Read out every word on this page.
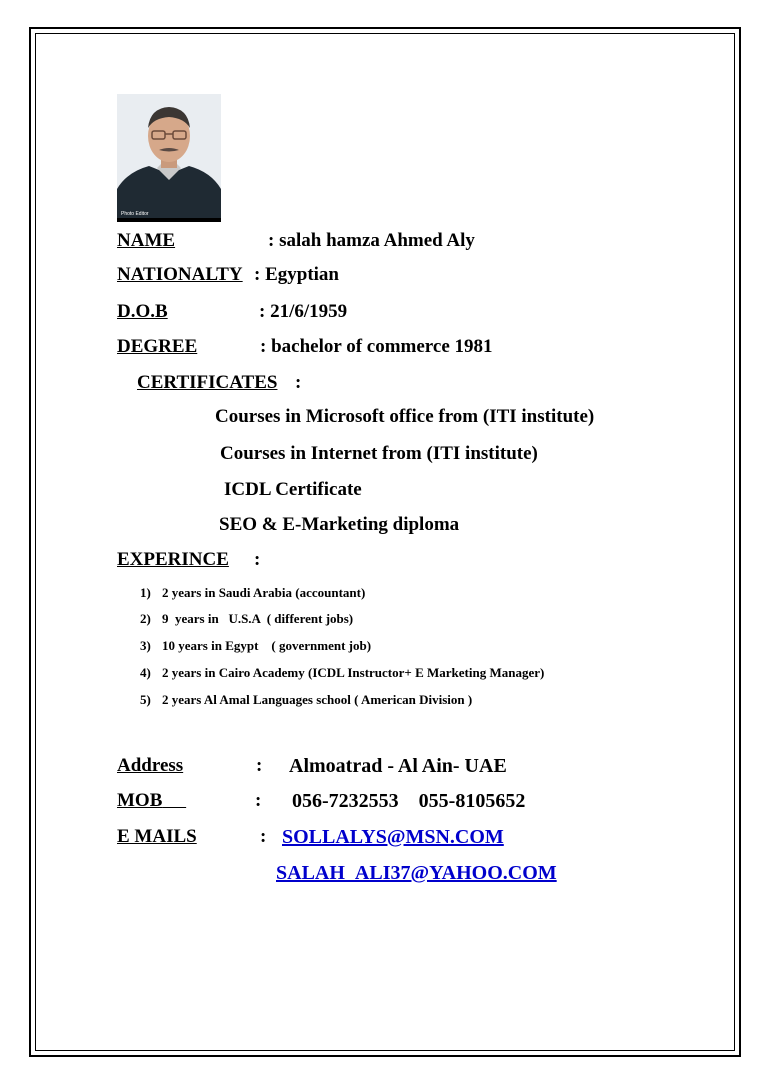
Photo Editor
NAME	: salah hamza Ahmed Aly
NATIONALTY : Egyptian
D.O.B	: 21/6/1959
DEGREE	: bachelor of commerce 1981
CERTIFICATES :
Courses in Microsoft office from (ITI institute)
Courses in Internet from (ITI institute)
ICDL Certificate
SEO & E-Marketing diploma
EXPERINCE :
1) 2 years in Saudi Arabia (accountant)
2) 9  years in   U.S.A  ( different jobs)
3) 10 years in Egypt    ( government job)
4) 2 years in Cairo Academy (ICDL Instructor+ E Marketing Manager)
5) 2 years Al Amal Languages school ( American Division )
Address	: Almoatrad - Al Ain- UAE
MOB	: 056-7232553    055-8105652
E MAILS	: SOLLALYS@MSN.COM
SALAH_ALI37@YAHOO.COM
